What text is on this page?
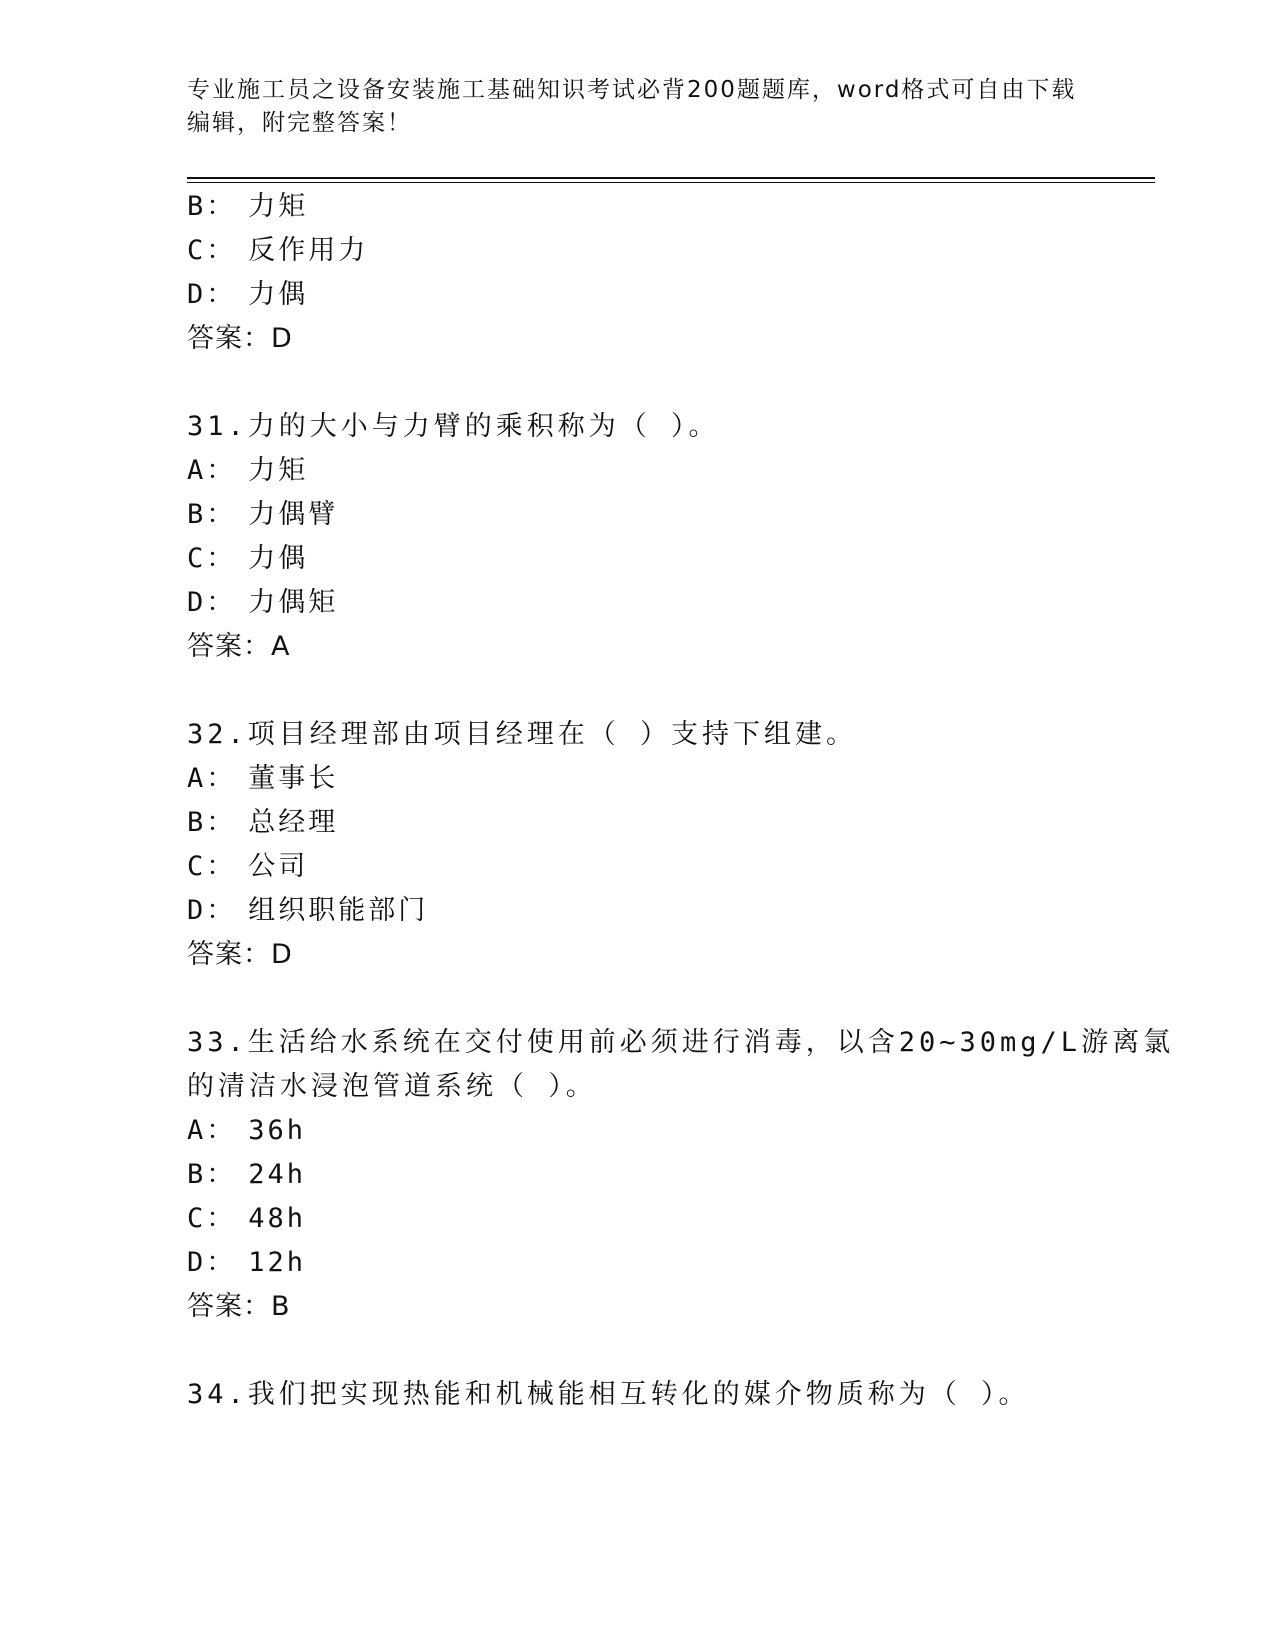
专业施工员之设备安装施工基础知识考试必背200题题库，word格式可自由下载
编辑，附完整答案！
B： 力矩
C： 反作用力
D： 力偶
答案：D
31.力的大小与力臂的乘积称为（ ）。
A： 力矩
B： 力偶臂
C： 力偶
D： 力偶矩
答案：A
32.项目经理部由项目经理在（ ）支持下组建。
A： 董事长
B： 总经理
C： 公司
D： 组织职能部门
答案：D
33.生活给水系统在交付使用前必须进行消毒，以含20~30mg/L游离氯
的清洁水浸泡管道系统（ ）。
A： 36h
B： 24h
C： 48h
D： 12h
答案：B
34.我们把实现热能和机械能相互转化的媒介物质称为（ ）。
